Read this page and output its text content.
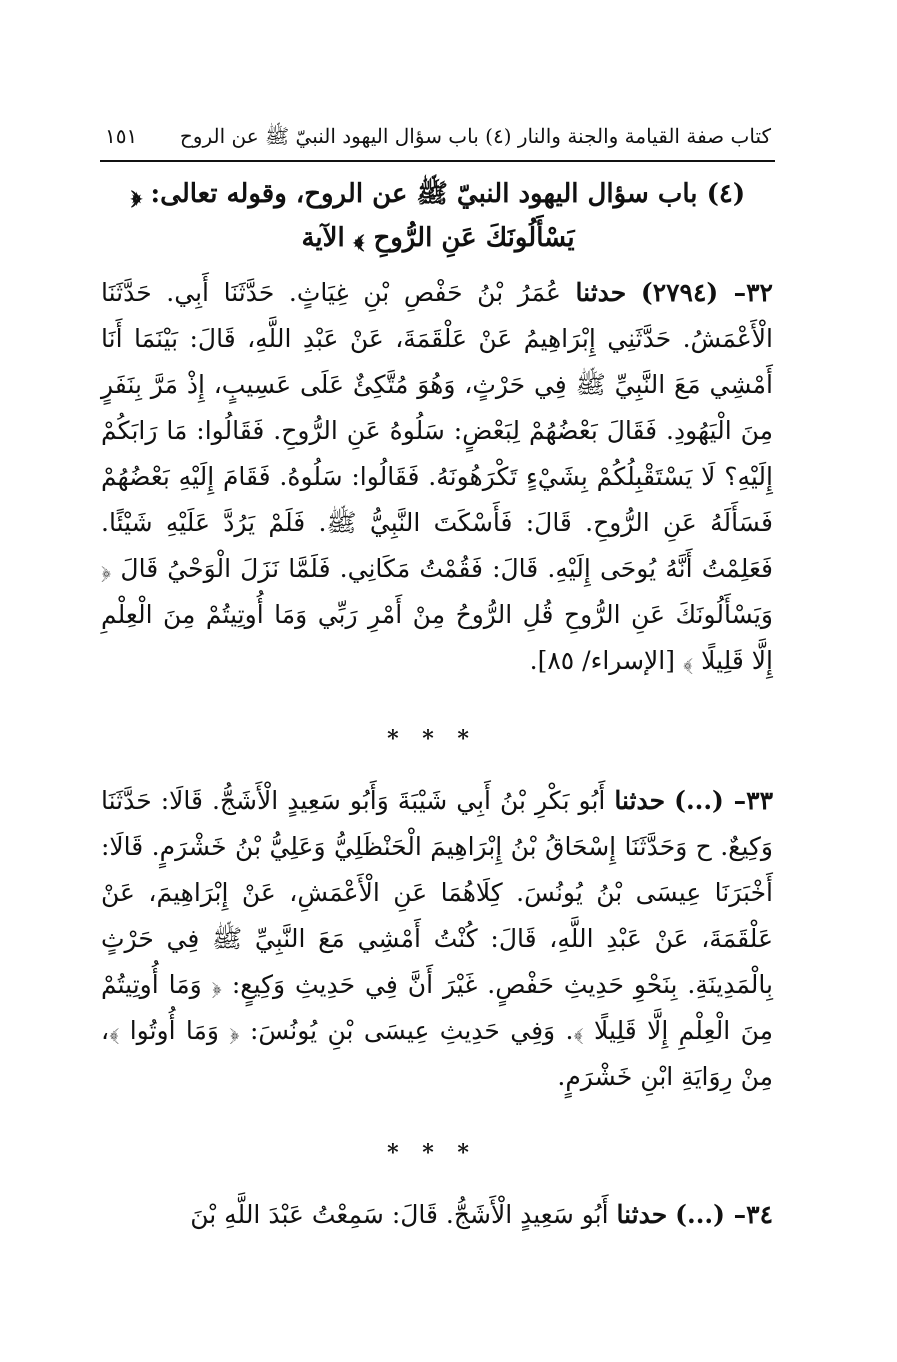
كتاب صفة القيامة والجنة والنار (٤) باب سؤال اليهود النبيّ ﷺ عن الروح
١٥١
(٤) باب سؤال اليهود النبيّ ﷺ عن الروح، وقوله تعالى: ﴿ يَسْأَلُونَكَ عَنِ الرُّوحِ ﴾ الآية
٣٢– (٢٧٩٤) حدثنا عُمَرُ بْنُ حَفْصِ بْنِ غِيَاثٍ. حَدَّثَنَا أَبِي. حَدَّثَنَا الْأَعْمَشُ. حَدَّثَنِي إِبْرَاهِيمُ عَنْ عَلْقَمَةَ، عَنْ عَبْدِ اللَّهِ، قَالَ: بَيْنَمَا أَنَا أَمْشِي مَعَ النَّبِيِّ ﷺ فِي حَرْثٍ، وَهُوَ مُتَّكِئٌ عَلَى عَسِيبٍ، إِذْ مَرَّ بِنَفَرٍ مِنَ الْيَهُودِ. فَقَالَ بَعْضُهُمْ لِبَعْضٍ: سَلُوهُ عَنِ الرُّوحِ. فَقَالُوا: مَا رَابَكُمْ إِلَيْهِ؟ لَا يَسْتَقْبِلُكُمْ بِشَيْءٍ تَكْرَهُونَهُ. فَقَالُوا: سَلُوهُ. فَقَامَ إِلَيْهِ بَعْضُهُمْ فَسَأَلَهُ عَنِ الرُّوحِ. قَالَ: فَأَسْكَتَ النَّبِيُّ ﷺ. فَلَمْ يَرُدَّ عَلَيْهِ شَيْئًا. فَعَلِمْتُ أَنَّهُ يُوحَى إِلَيْهِ. قَالَ: فَقُمْتُ مَكَانِي. فَلَمَّا نَزَلَ الْوَحْيُ قَالَ ﴿ وَيَسْأَلُونَكَ عَنِ الرُّوحِ قُلِ الرُّوحُ مِنْ أَمْرِ رَبِّي وَمَا أُوتِيتُمْ مِنَ الْعِلْمِ إِلَّا قَلِيلًا ﴾ [الإسراء/ ٨٥].
* * *
٣٣– (...) حدثنا أَبُو بَكْرِ بْنُ أَبِي شَيْبَةَ وَأَبُو سَعِيدٍ الْأَشَجُّ. قَالَا: حَدَّثَنَا وَكِيعٌ. ح وَحَدَّثَنَا إِسْحَاقُ بْنُ إِبْرَاهِيمَ الْحَنْظَلِيُّ وَعَلِيُّ بْنُ خَشْرَمٍ. قَالَا: أَخْبَرَنَا عِيسَى بْنُ يُونُسَ. كِلَاهُمَا عَنِ الْأَعْمَشِ، عَنْ إِبْرَاهِيمَ، عَنْ عَلْقَمَةَ، عَنْ عَبْدِ اللَّهِ، قَالَ: كُنْتُ أَمْشِي مَعَ النَّبِيِّ ﷺ فِي حَرْثٍ بِالْمَدِينَةِ. بِنَحْوِ حَدِيثِ حَفْصٍ. غَيْرَ أَنَّ فِي حَدِيثِ وَكِيعٍ: ﴿ وَمَا أُوتِيتُمْ مِنَ الْعِلْمِ إِلَّا قَلِيلًا ﴾. وَفِي حَدِيثِ عِيسَى بْنِ يُونُسَ: ﴿ وَمَا أُوتُوا ﴾، مِنْ رِوَايَةِ ابْنِ خَشْرَمٍ.
* * *
٣٤– (...) حدثنا أَبُو سَعِيدٍ الْأَشَجُّ. قَالَ: سَمِعْتُ عَبْدَ اللَّهِ بْنَ
